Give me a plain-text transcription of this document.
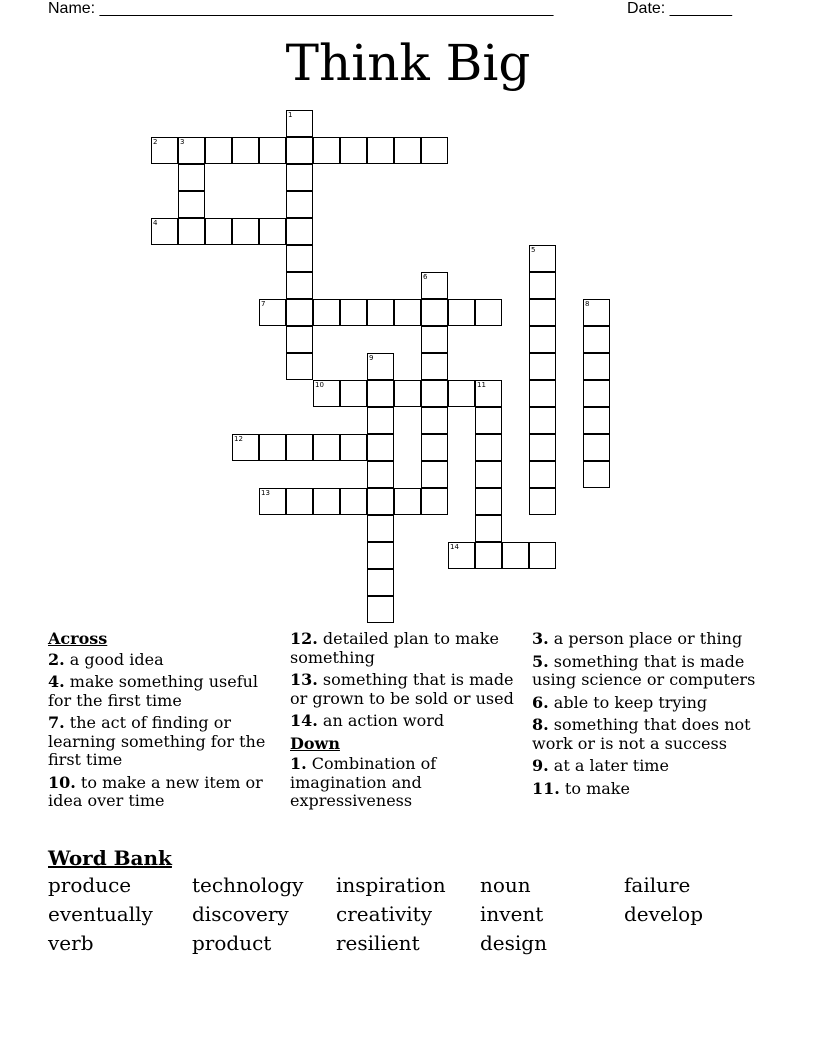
Name: ___________________________________________________	Date: _______
Think Big
1
2	3
4
5
6
7	8
9
10	11
12
13
14
Across
2. a good idea
4. make something useful for the first time
7. the act of finding or learning something for the first time
10. to make a new item or idea over time
12. detailed plan to make something
13. something that is made or grown to be sold or used
14. an action word
Down
1. Combination of imagination and expressiveness
3. a person place or thing
5. something that is made using science or computers
6. able to keep trying
8. something that does not work or is not a success
9. at a later time
11. to make
Word Bank
produce	technology	inspiration	noun	failure
eventually	discovery	creativity	invent	develop
verb	product	resilient	design
